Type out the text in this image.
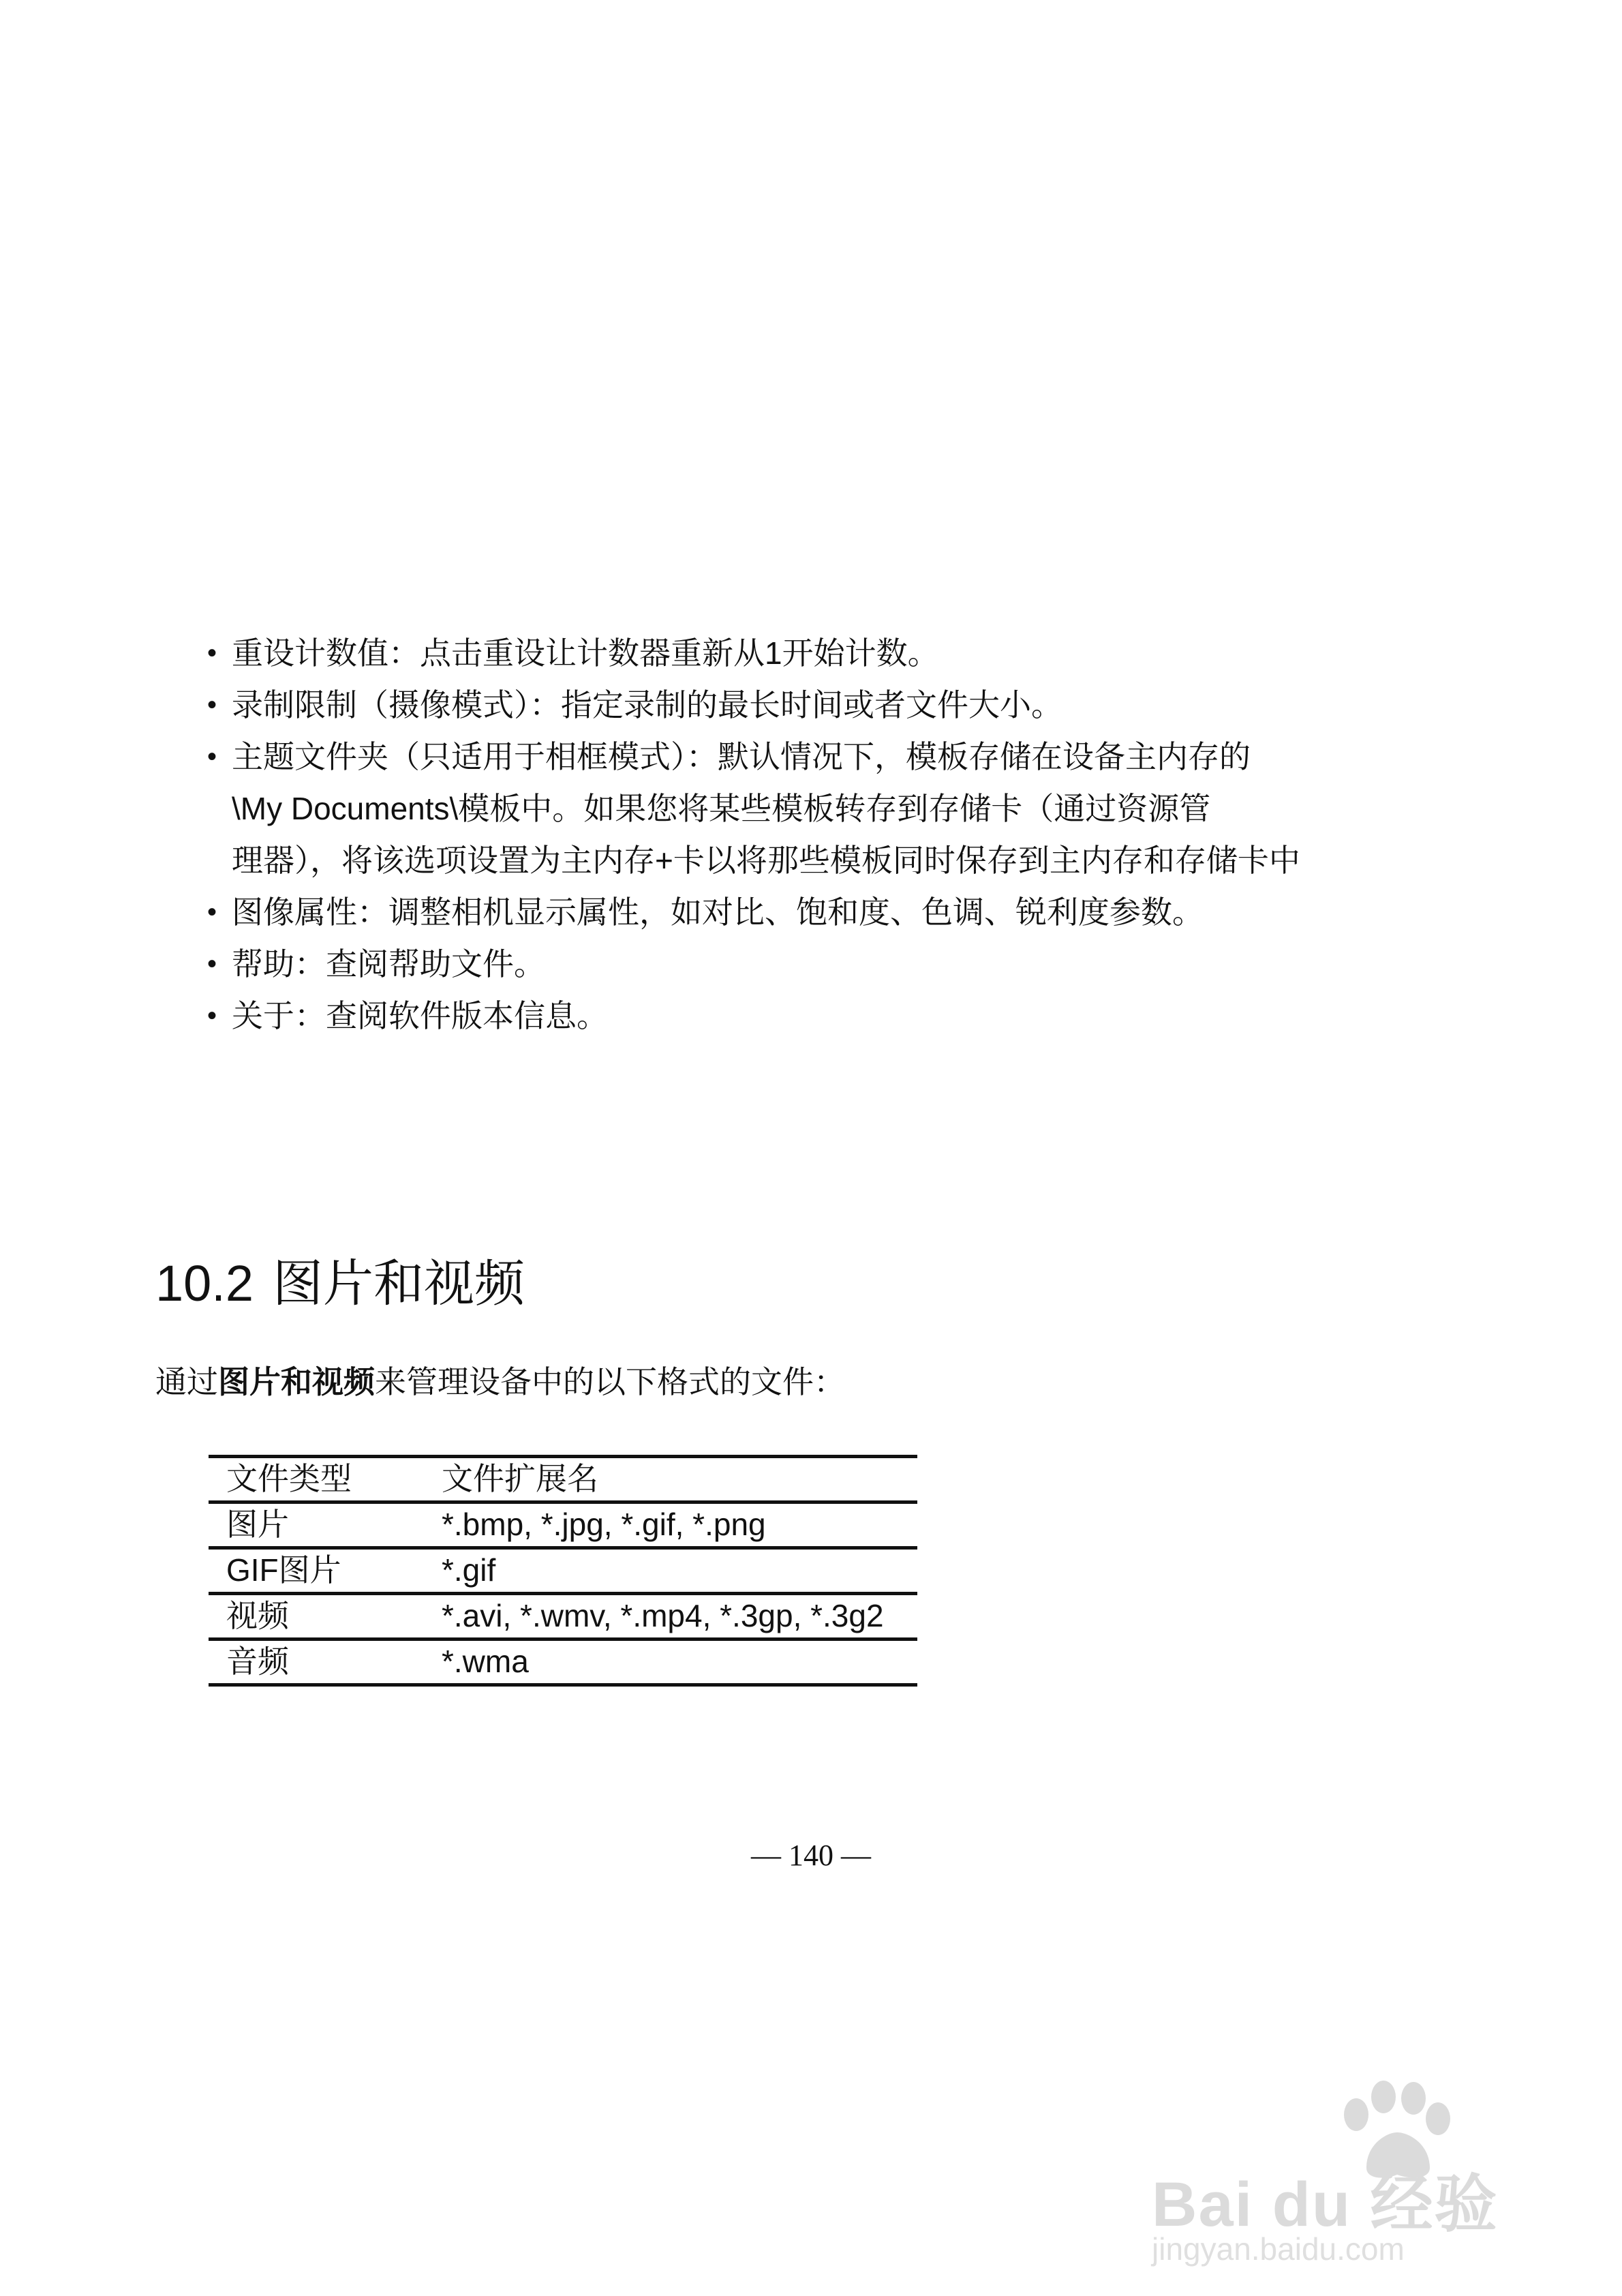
• 重设计数值：点击重设让计数器重新从1开始计数。
• 录制限制（摄像模式）：指定录制的最长时间或者文件大小。
• 主题文件夹（只适用于相框模式）：默认情况下，模板存储在设备主内存的
\My Documents\模板中。如果您将某些模板转存到存储卡（通过资源管
理器），将该选项设置为主内存+卡以将那些模板同时保存到主内存和存储卡中
• 图像属性：调整相机显示属性，如对比、饱和度、色调、锐利度参数。
• 帮助：查阅帮助文件。
• 关于：查阅软件版本信息。
10.2 图片和视频

通过图片和视频来管理设备中的以下格式的文件：

文件类型	文件扩展名
图片	*.bmp, *.jpg, *.gif, *.png
GIF图片	*.gif
视频	*.avi, *.wmv, *.mp4, *.3gp, *.3g2
音频	*.wma
— 140 —
Bai du 经验
jingyan.baidu.com
